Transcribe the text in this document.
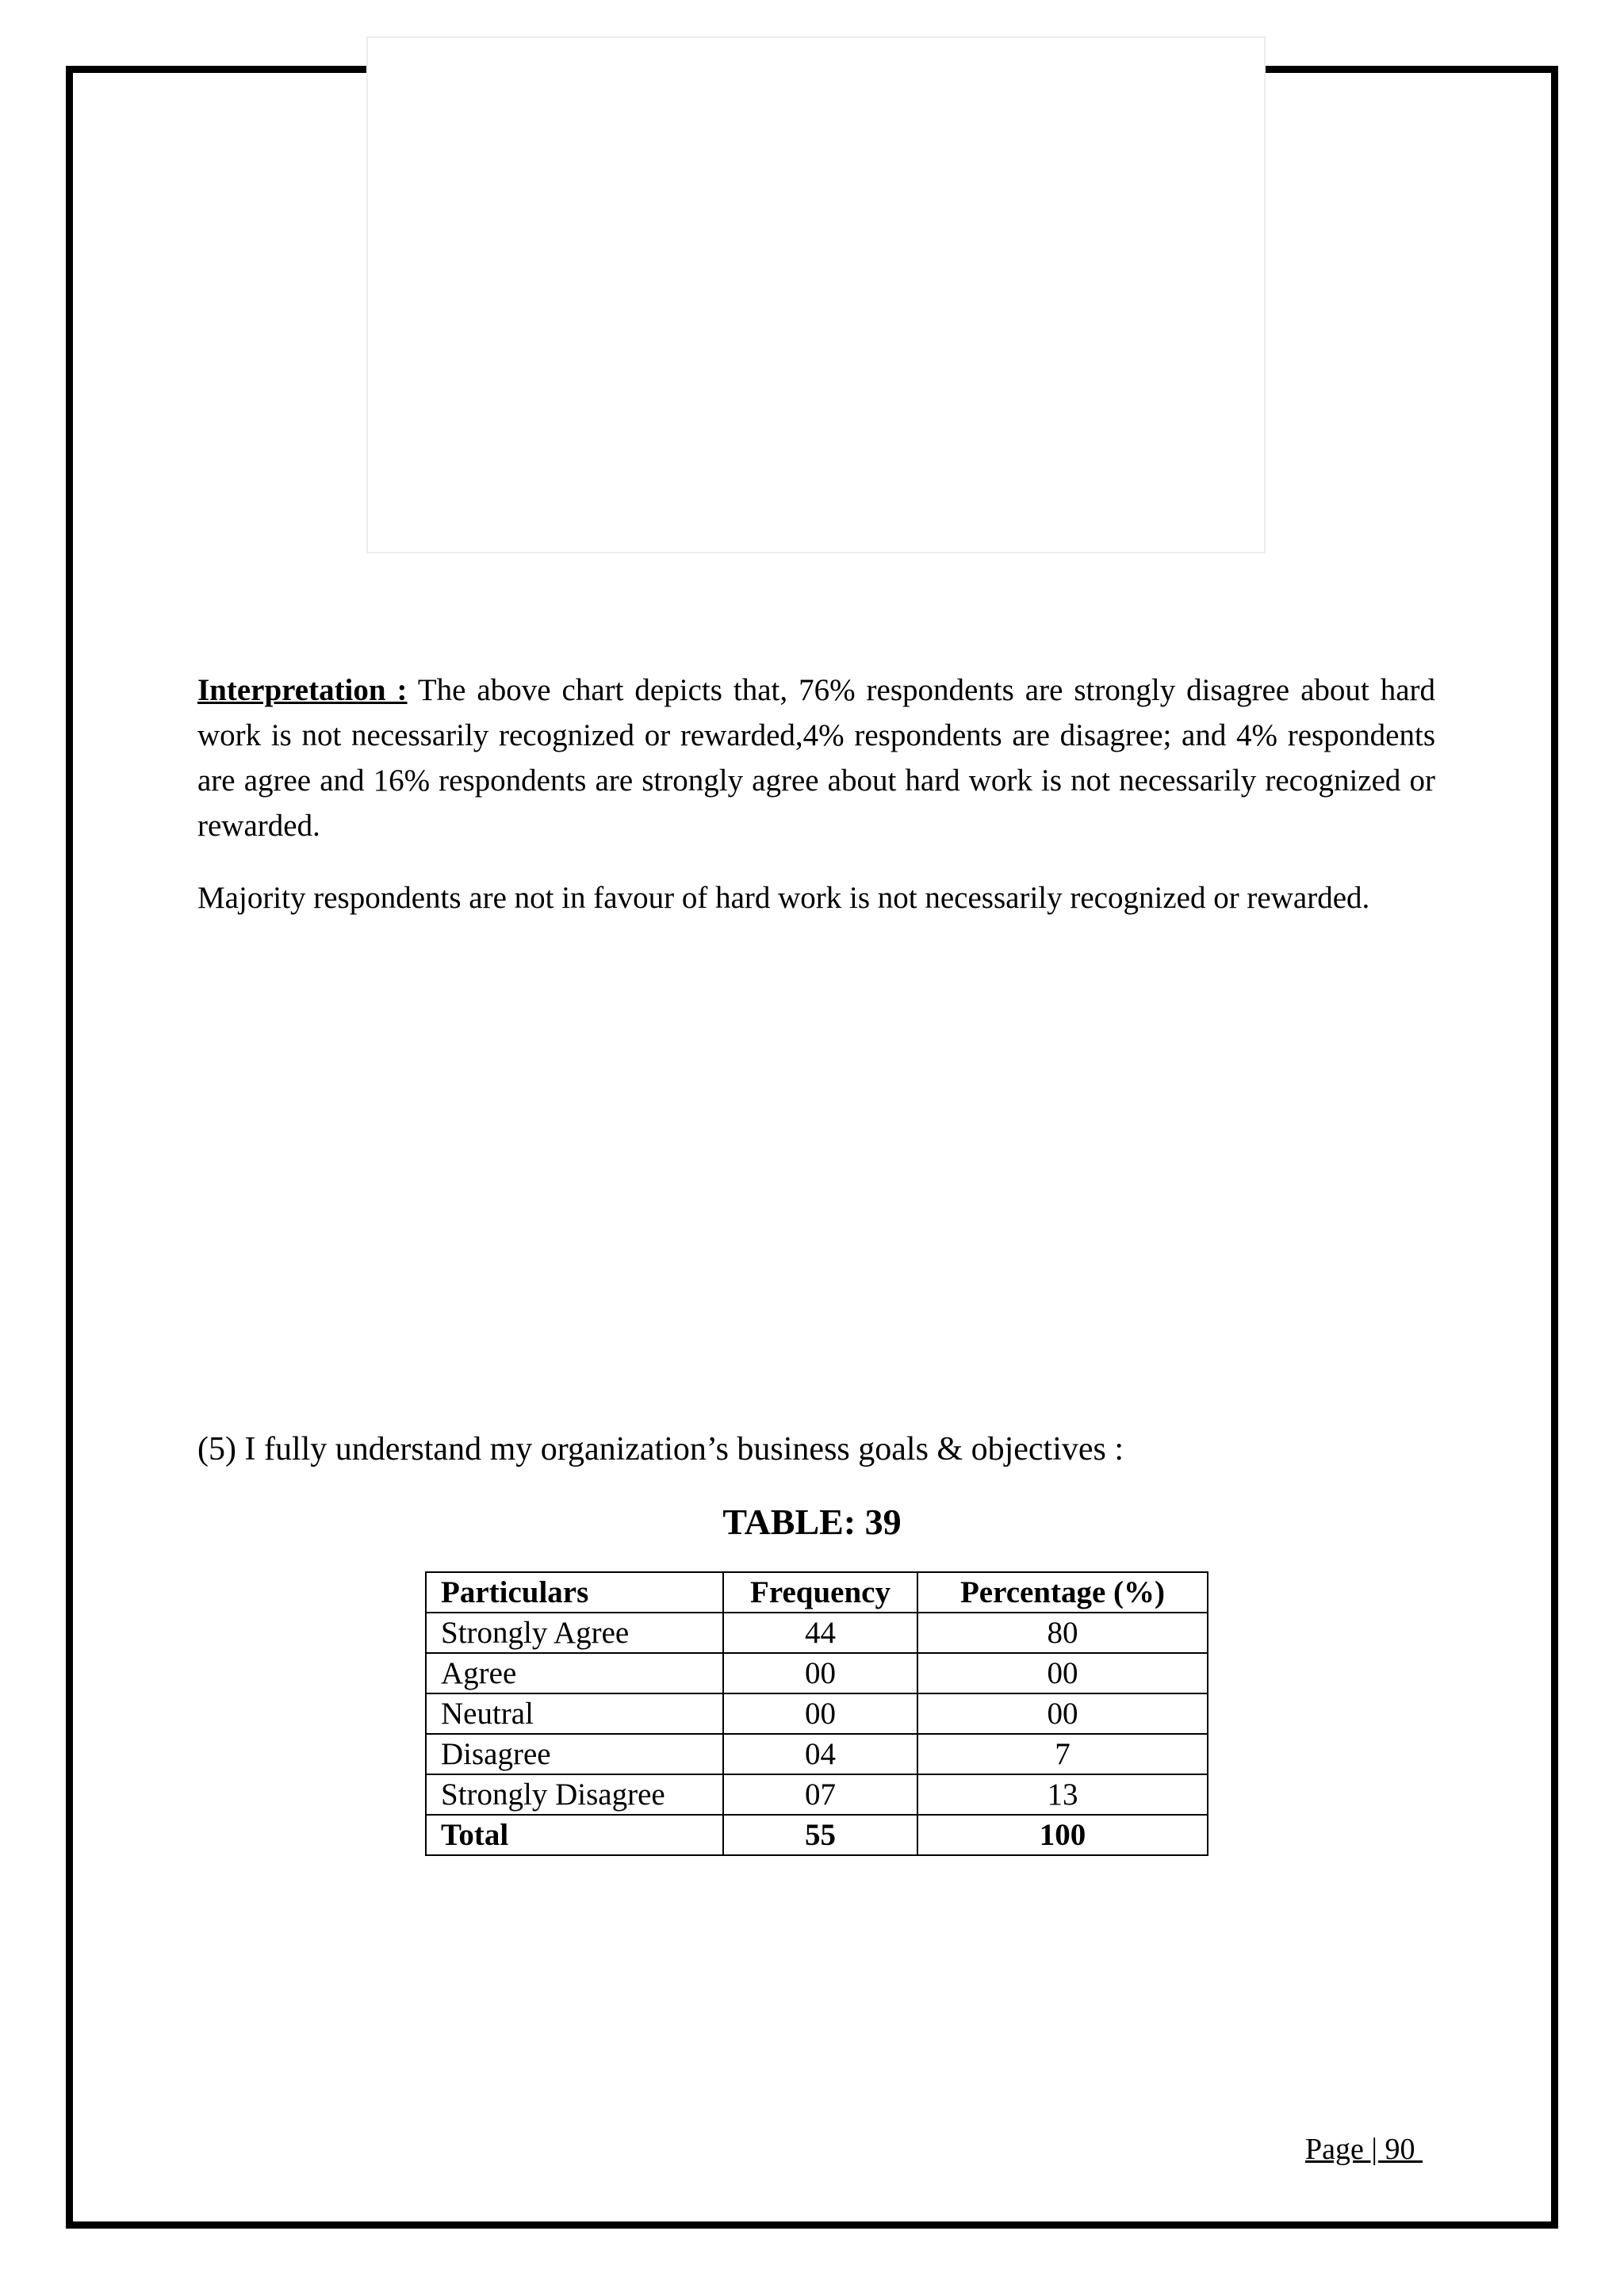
Interpretation : The above chart depicts that, 76% respondents are strongly disagree about hard work is not necessarily recognized or rewarded,4% respondents are disagree; and 4% respondents are agree and 16% respondents are strongly agree about hard work is not necessarily recognized or rewarded.

Majority respondents are not in favour of hard work is not necessarily recognized or rewarded.

(5) I fully understand my organization’s business goals & objectives :
TABLE: 39
Particulars	Frequency	Percentage (%)
Strongly Agree	44	80
Agree	00	00
Neutral	00	00
Disagree	04	7
Strongly Disagree	07	13
Total	55	100
Page | 90
